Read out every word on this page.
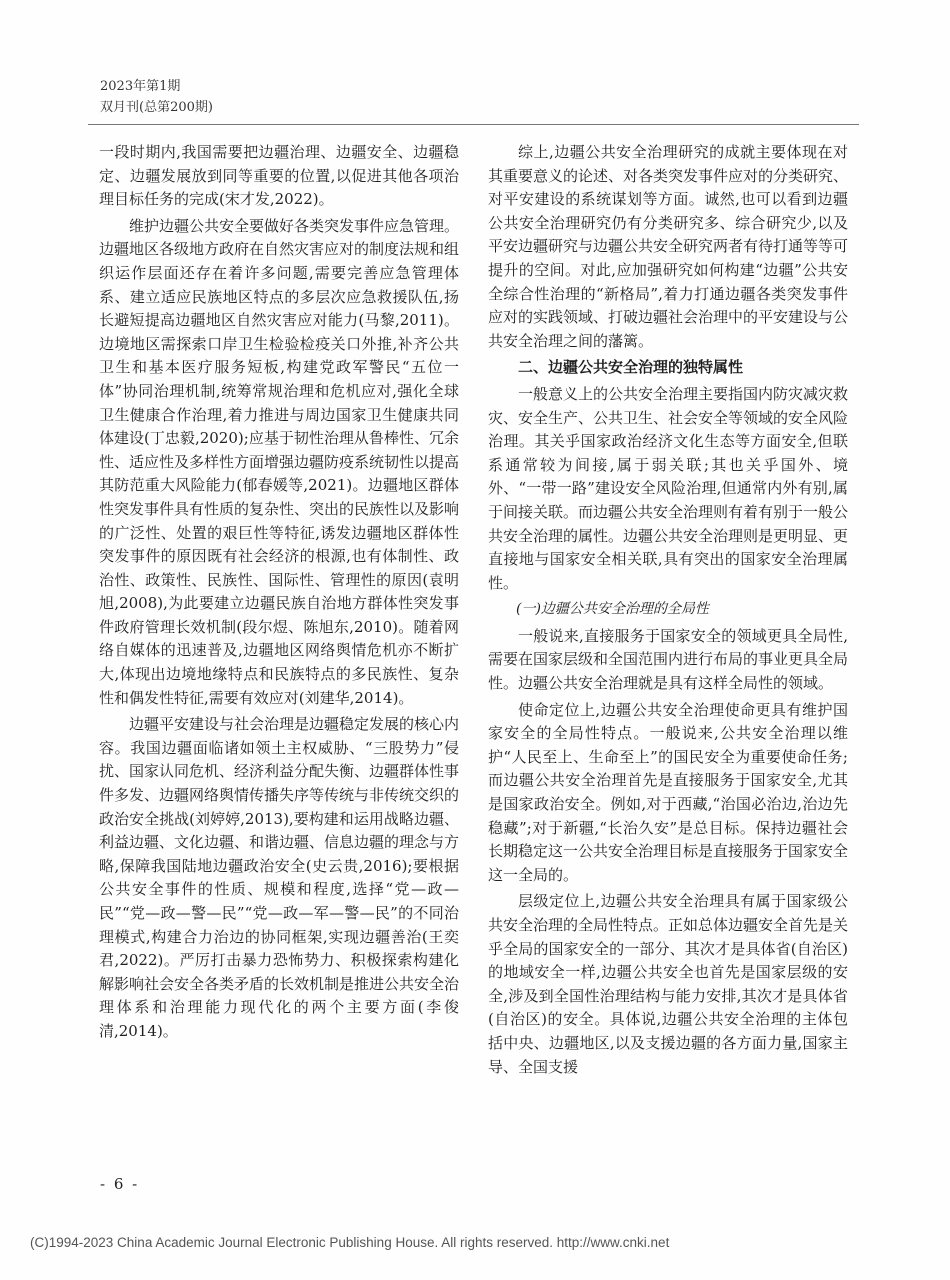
2023年第1期
双月刊(总第200期)

一段时期内,我国需要把边疆治理、边疆安全、边疆稳定、边疆发展放到同等重要的位置,以促进其他各项治理目标任务的完成(宋才发,2022)。

维护边疆公共安全要做好各类突发事件应急管理。边疆地区各级地方政府在自然灾害应对的制度法规和组织运作层面还存在着许多问题,需要完善应急管理体系、建立适应民族地区特点的多层次应急救援队伍,扬长避短提高边疆地区自然灾害应对能力(马黎,2011)。边境地区需探索口岸卫生检验检疫关口外推,补齐公共卫生和基本医疗服务短板,构建党政军警民“五位一体”协同治理机制,统筹常规治理和危机应对,强化全球卫生健康合作治理,着力推进与周边国家卫生健康共同体建设(丁忠毅,2020);应基于韧性治理从鲁棒性、冗余性、适应性及多样性方面增强边疆防疫系统韧性以提高其防范重大风险能力(郁春媛等,2021)。边疆地区群体性突发事件具有性质的复杂性、突出的民族性以及影响的广泛性、处置的艰巨性等特征,诱发边疆地区群体性突发事件的原因既有社会经济的根源,也有体制性、政治性、政策性、民族性、国际性、管理性的原因(袁明旭,2008),为此要建立边疆民族自治地方群体性突发事件政府管理长效机制(段尔煜、陈旭东,2010)。随着网络自媒体的迅速普及,边疆地区网络舆情危机亦不断扩大,体现出边境地缘特点和民族特点的多民族性、复杂性和偶发性特征,需要有效应对(刘建华,2014)。

边疆平安建设与社会治理是边疆稳定发展的核心内容。我国边疆面临诸如领土主权威胁、“三股势力”侵扰、国家认同危机、经济利益分配失衡、边疆群体性事件多发、边疆网络舆情传播失序等传统与非传统交织的政治安全挑战(刘婷婷,2013),要构建和运用战略边疆、利益边疆、文化边疆、和谐边疆、信息边疆的理念与方略,保障我国陆地边疆政治安全(史云贵,2016);要根据公共安全事件的性质、规模和程度,选择“党—政—民”“党—政—警—民”“党—政—军—警—民”的不同治理模式,构建合力治边的协同框架,实现边疆善治(王奕君,2022)。严厉打击暴力恐怖势力、积极探索构建化解影响社会安全各类矛盾的长效机制是推进公共安全治理体系和治理能力现代化的两个主要方面(李俊清,2014)。

综上,边疆公共安全治理研究的成就主要体现在对其重要意义的论述、对各类突发事件应对的分类研究、对平安建设的系统谋划等方面。诚然,也可以看到边疆公共安全治理研究仍有分类研究多、综合研究少,以及平安边疆研究与边疆公共安全研究两者有待打通等等可提升的空间。对此,应加强研究如何构建“边疆”公共安全综合性治理的“新格局”,着力打通边疆各类突发事件应对的实践领域、打破边疆社会治理中的平安建设与公共安全治理之间的藩篱。

二、边疆公共安全治理的独特属性

一般意义上的公共安全治理主要指国内防灾减灾救灾、安全生产、公共卫生、社会安全等领域的安全风险治理。其关乎国家政治经济文化生态等方面安全,但联系通常较为间接,属于弱关联;其也关乎国外、境外、“一带一路”建设安全风险治理,但通常内外有别,属于间接关联。而边疆公共安全治理则有着有别于一般公共安全治理的属性。边疆公共安全治理则是更明显、更直接地与国家安全相关联,具有突出的国家安全治理属性。

(一)边疆公共安全治理的全局性

一般说来,直接服务于国家安全的领域更具全局性,需要在国家层级和全国范围内进行布局的事业更具全局性。边疆公共安全治理就是具有这样全局性的领域。

使命定位上,边疆公共安全治理使命更具有维护国家安全的全局性特点。一般说来,公共安全治理以维护“人民至上、生命至上”的国民安全为重要使命任务;而边疆公共安全治理首先是直接服务于国家安全,尤其是国家政治安全。例如,对于西藏,“治国必治边,治边先稳藏”;对于新疆,“长治久安”是总目标。保持边疆社会长期稳定这一公共安全治理目标是直接服务于国家安全这一全局的。

层级定位上,边疆公共安全治理具有属于国家级公共安全治理的全局性特点。正如总体边疆安全首先是关乎全局的国家安全的一部分、其次才是具体省(自治区)的地域安全一样,边疆公共安全也首先是国家层级的安全,涉及到全国性治理结构与能力安排,其次才是具体省(自治区)的安全。具体说,边疆公共安全治理的主体包括中央、边疆地区,以及支援边疆的各方面力量,国家主导、全国支援

- 6 -
(C)1994-2023 China Academic Journal Electronic Publishing House. All rights reserved. http://www.cnki.net
